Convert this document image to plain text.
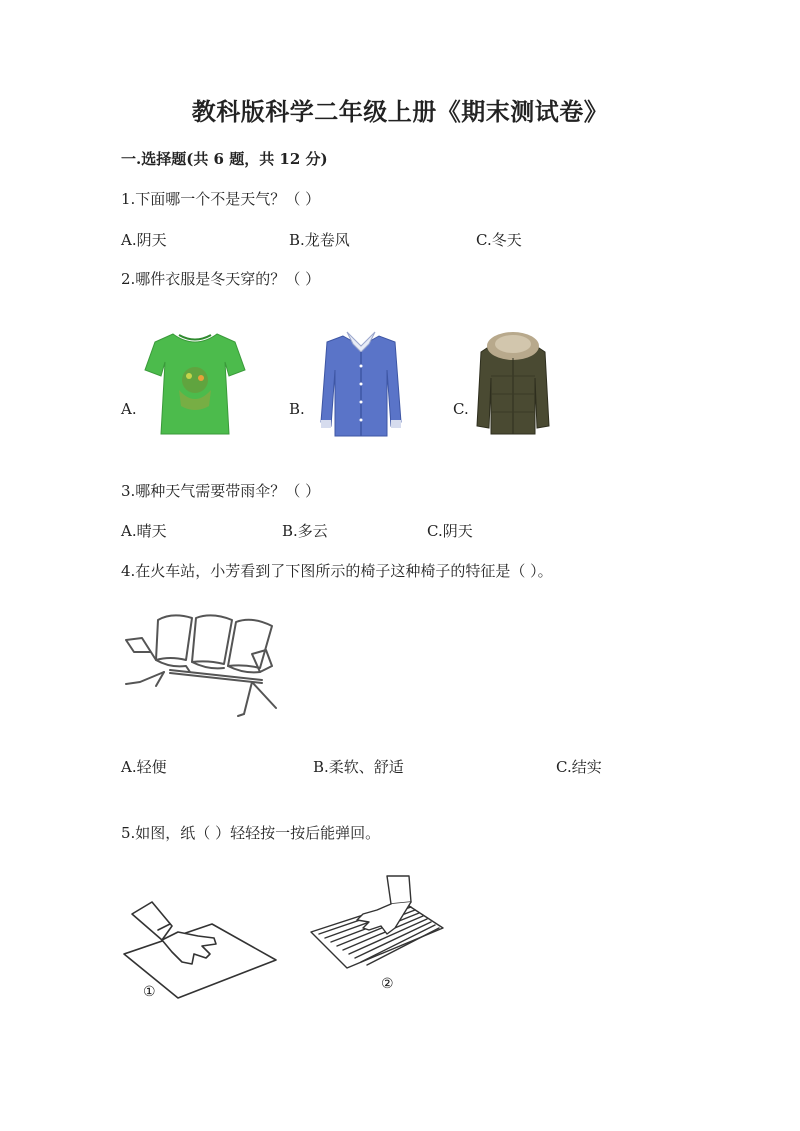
教科版科学二年级上册《期末测试卷》
一.选择题(共 6 题，共 12 分)
1.下面哪一个不是天气？（ ）
A.阴天	B.龙卷风	C.冬天
2.哪件衣服是冬天穿的？（ ）
A.	B.	C.
3.哪种天气需要带雨伞？（ ）
A.晴天	B.多云	C.阴天
4.在火车站，小芳看到了下图所示的椅子这种椅子的特征是（ ）。
A.轻便	B.柔软、舒适	C.结实
5.如图，纸（ ）轻轻按一按后能弹回。
①	②
